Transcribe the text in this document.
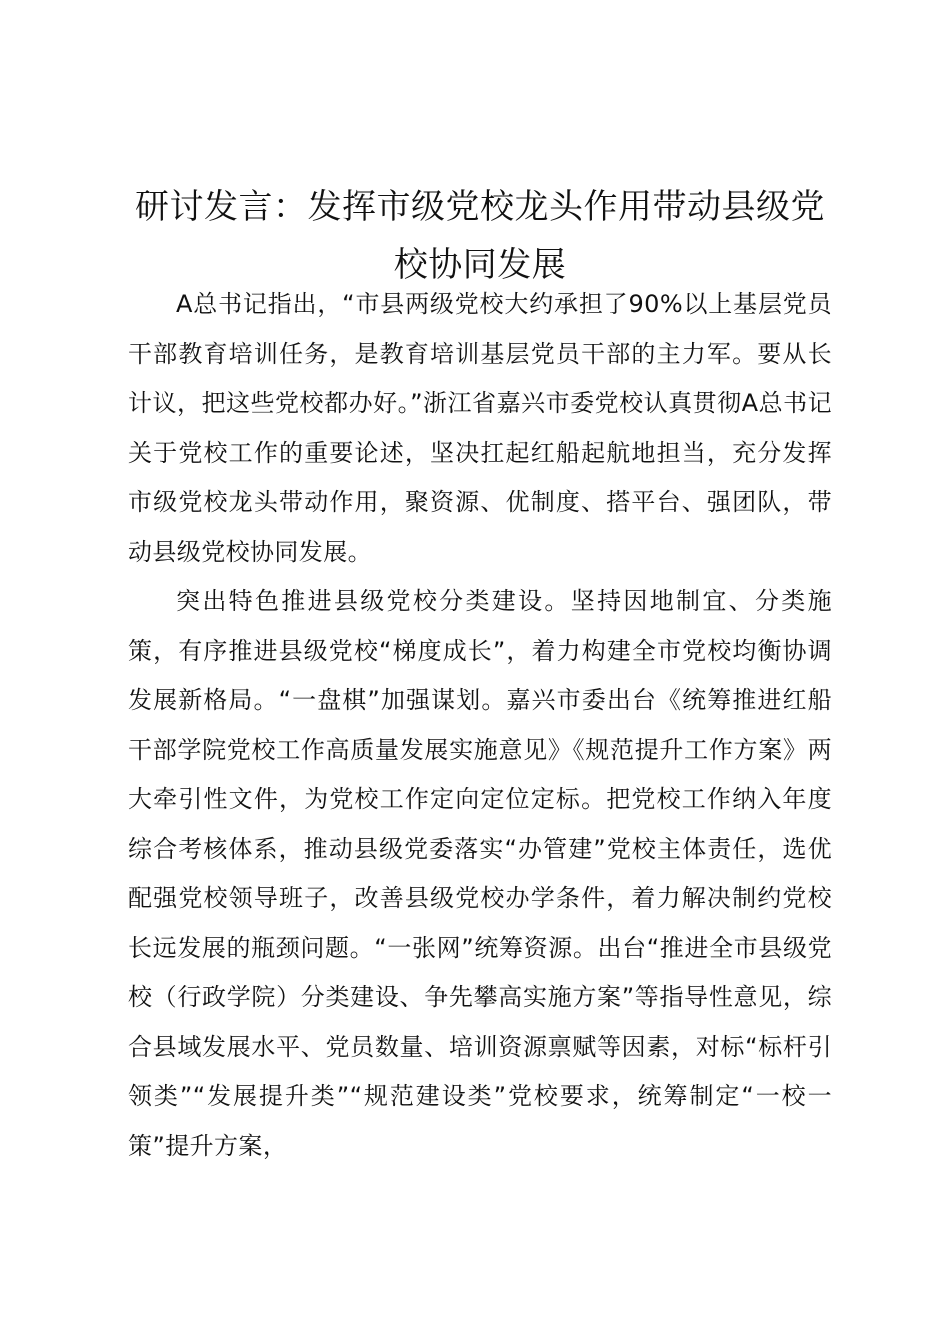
研讨发言：发挥市级党校龙头作用带动县级党校协同发展

A总书记指出，“市县两级党校大约承担了90%以上基层党员干部教育培训任务，是教育培训基层党员干部的主力军。要从长计议，把这些党校都办好。”浙江省嘉兴市委党校认真贯彻A总书记关于党校工作的重要论述，坚决扛起红船起航地担当，充分发挥市级党校龙头带动作用，聚资源、优制度、搭平台、强团队，带动县级党校协同发展。

突出特色推进县级党校分类建设。坚持因地制宜、分类施策，有序推进县级党校“梯度成长”，着力构建全市党校均衡协调发展新格局。“一盘棋”加强谋划。嘉兴市委出台《统筹推进红船干部学院党校工作高质量发展实施意见》《规范提升工作方案》两大牵引性文件，为党校工作定向定位定标。把党校工作纳入年度综合考核体系，推动县级党委落实“办管建”党校主体责任，选优配强党校领导班子，改善县级党校办学条件，着力解决制约党校长远发展的瓶颈问题。“一张网”统筹资源。出台“推进全市县级党校（行政学院）分类建设、争先攀高实施方案”等指导性意见，综合县域发展水平、党员数量、培训资源禀赋等因素，对标“标杆引领类”“发展提升类”“规范建设类”党校要求，统筹制定“一校一策”提升方案，
